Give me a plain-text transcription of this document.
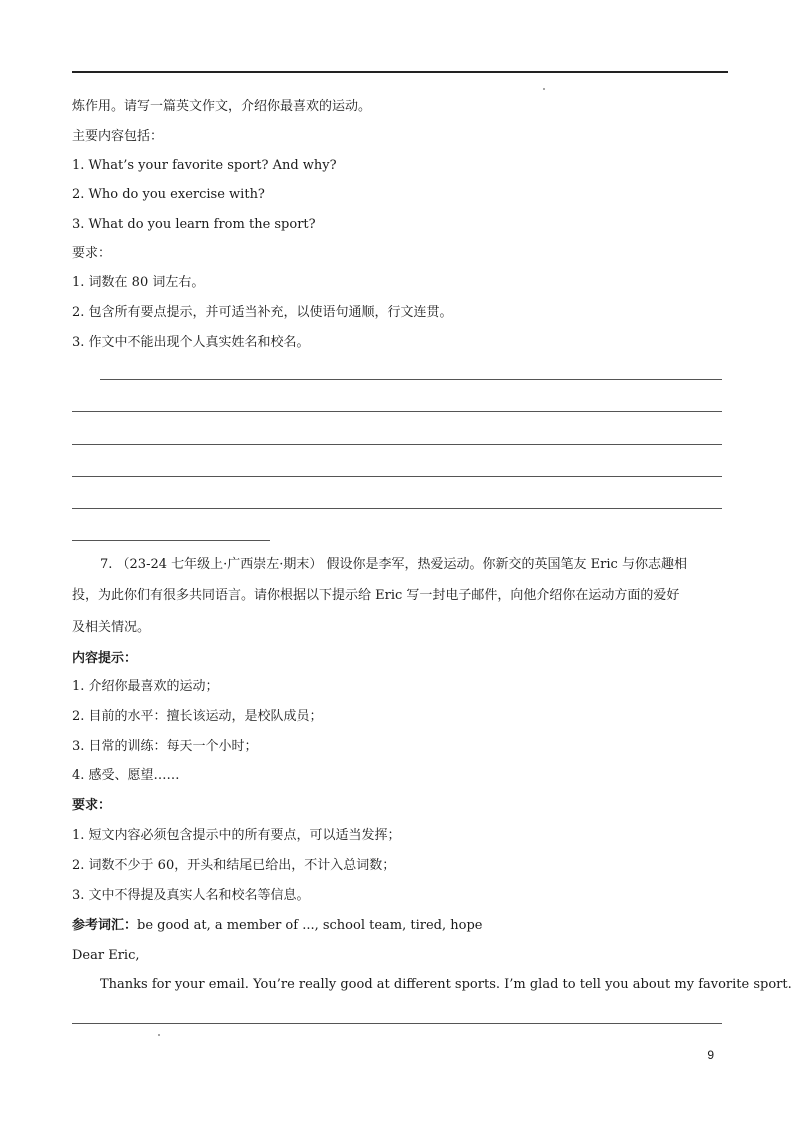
炼作用。请写一篇英文作文，介绍你最喜欢的运动。
主要内容包括：
1. What’s your favorite sport? And why?
2. Who do you exercise with?
3. What do you learn from the sport?
要求：
1. 词数在 80 词左右。
2. 包含所有要点提示，并可适当补充，以使语句通顺，行文连贯。
3. 作文中不能出现个人真实姓名和校名。
7. （23-24 七年级上·广西崇左·期末） 假设你是李军，热爱运动。你新交的英国笔友 Eric 与你志趣相
投，为此你们有很多共同语言。请你根据以下提示给 Eric 写一封电子邮件，向他介绍你在运动方面的爱好
及相关情况。
内容提示：
1. 介绍你最喜欢的运动；
2. 目前的水平：擅长该运动，是校队成员；
3. 日常的训练：每天一个小时；
4. 感受、愿望……
要求：
1. 短文内容必须包含提示中的所有要点，可以适当发挥；
2. 词数不少于 60，开头和结尾已给出，不计入总词数；
3. 文中不得提及真实人名和校名等信息。
参考词汇：be good at, a member of ..., school team, tired, hope
Dear Eric,
Thanks for your email. You’re really good at different sports. I’m glad to tell you about my favorite sport.
9
